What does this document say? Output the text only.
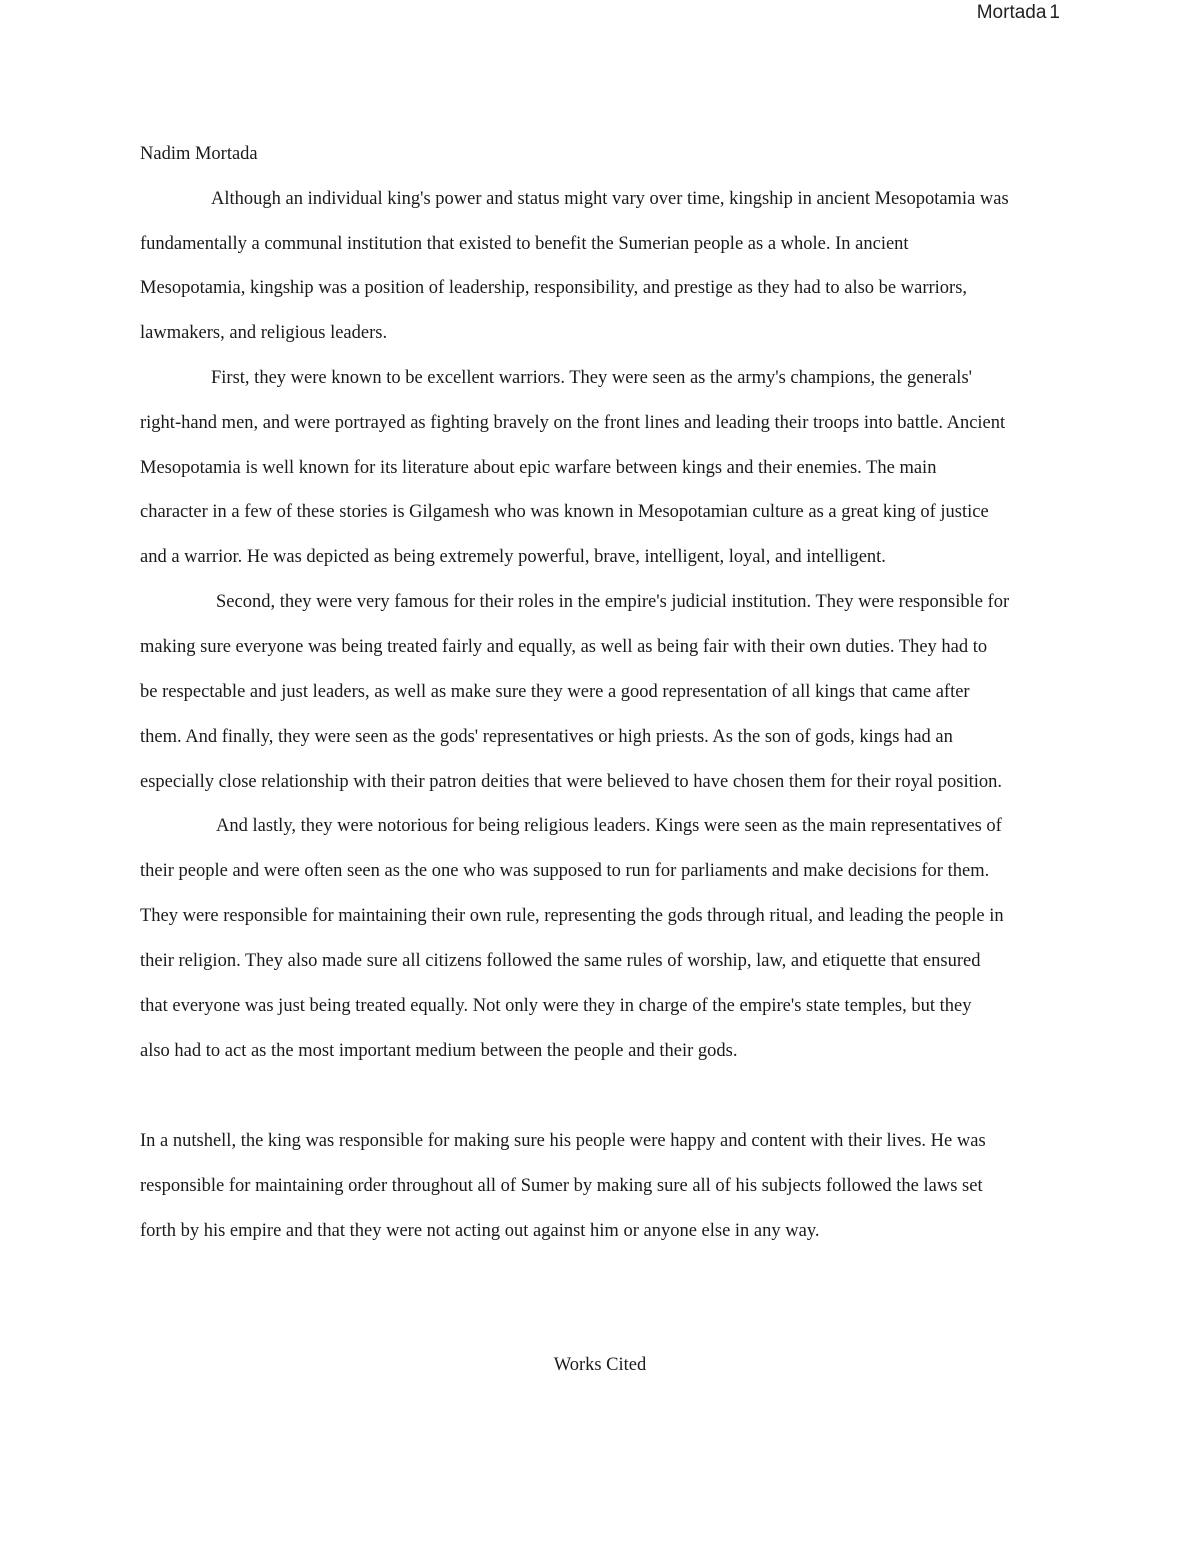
Mortada 1
Nadim Mortada
Although an individual king's power and status might vary over time, kingship in ancient Mesopotamia was
fundamentally a communal institution that existed to benefit the Sumerian people as a whole. In ancient
Mesopotamia, kingship was a position of leadership, responsibility, and prestige as they had to also be warriors,
lawmakers, and religious leaders.
First, they were known to be excellent warriors. They were seen as the army's champions, the generals'
right-hand men, and were portrayed as fighting bravely on the front lines and leading their troops into battle. Ancient
Mesopotamia is well known for its literature about epic warfare between kings and their enemies. The main
character in a few of these stories is Gilgamesh who was known in Mesopotamian culture as a great king of justice
and a warrior. He was depicted as being extremely powerful, brave, intelligent, loyal, and intelligent.
Second, they were very famous for their roles in the empire's judicial institution. They were responsible for
making sure everyone was being treated fairly and equally, as well as being fair with their own duties. They had to
be respectable and just leaders, as well as make sure they were a good representation of all kings that came after
them. And finally, they were seen as the gods' representatives or high priests. As the son of gods, kings had an
especially close relationship with their patron deities that were believed to have chosen them for their royal position.
And lastly, they were notorious for being religious leaders. Kings were seen as the main representatives of
their people and were often seen as the one who was supposed to run for parliaments and make decisions for them.
They were responsible for maintaining their own rule, representing the gods through ritual, and leading the people in
their religion. They also made sure all citizens followed the same rules of worship, law, and etiquette that ensured
that everyone was just being treated equally. Not only were they in charge of the empire's state temples, but they
also had to act as the most important medium between the people and their gods.
In a nutshell, the king was responsible for making sure his people were happy and content with their lives. He was
responsible for maintaining order throughout all of Sumer by making sure all of his subjects followed the laws set
forth by his empire and that they were not acting out against him or anyone else in any way.
Works Cited
